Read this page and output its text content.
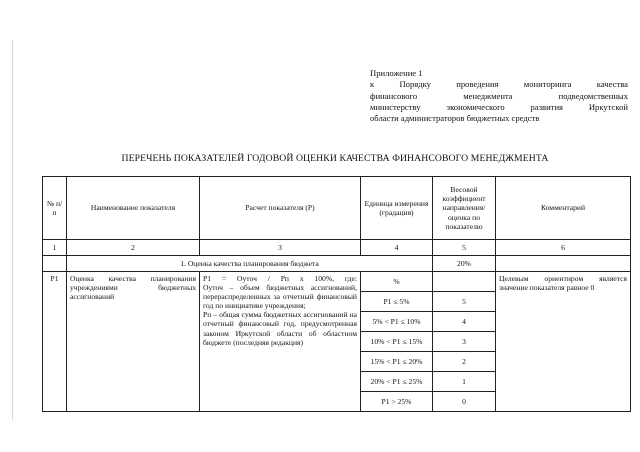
Приложение 1
к Порядку проведения мониторинга качества
финансового менеджмента подведомственных
министерству экономического развития Иркутской
области администраторов бюджетных средств
ПЕРЕЧЕНЬ ПОКАЗАТЕЛЕЙ ГОДОВОЙ ОЦЕНКИ КАЧЕСТВА ФИНАНСОВОГО МЕНЕДЖМЕНТА
№ п/п	Наименование показателя	Расчет показателя (P)	Единица измерения (градация)	Весовой коэффициент направления/ оценка по показателю	Комментарий
1	2	3	4	5	6
	1. Оценка качества планирования бюджета			20%	
P1	Оценка качества планирования учреждениями бюджетных ассигнований	P1 = Оуточ / Рп х 100%, где:

Оуточ – объем бюджетных ассигнований, перераспределенных за отчетный финансовый год по инициативе учреждения;

Рп – общая сумма бюджетных ассигнований на отчетный финансовый год, предусмотренная законом Иркутской области об областном бюджете (последняя редакция)	%		Целевым ориентиром является значение показателя равное 0
			P1 ≤ 5%	5	
			5% < P1 ≤ 10%	4	
			10% < P1 ≤ 15%	3	
			15% < P1 ≤ 20%	2	
			20% < P1 ≤ 25%	1	
			P1 > 25%	0	
